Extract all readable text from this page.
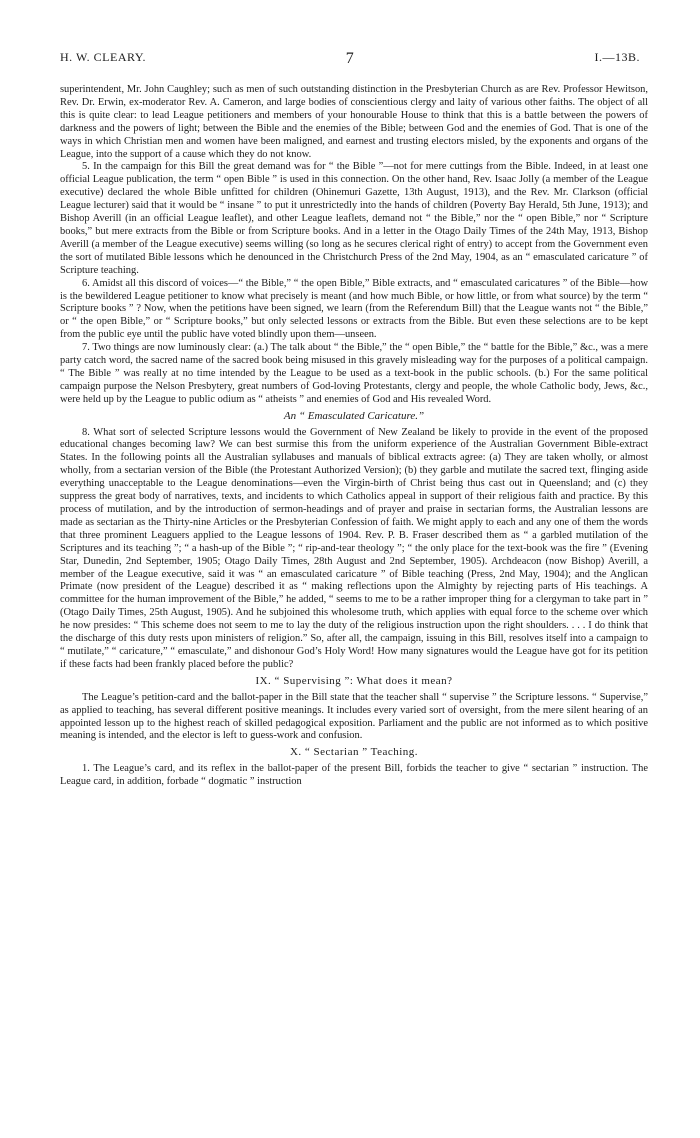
H. W. CLEARY.	7	I.—13B.

superintendent, Mr. John Caughley; such as men of such outstanding distinction in the Presbyterian Church as are Rev. Professor Hewitson, Rev. Dr. Erwin, ex-moderator Rev. A. Cameron, and large bodies of conscientious clergy and laity of various other faiths. The object of all this is quite clear: to lead League petitioners and members of your honourable House to think that this is a battle between the powers of darkness and the powers of light; between the Bible and the enemies of the Bible; between God and the enemies of God. That is one of the ways in which Christian men and women have been maligned, and earnest and trusting electors misled, by the exponents and organs of the League, into the support of a cause which they do not know.

5. In the campaign for this Bill the great demand was for “ the Bible ”—not for mere cuttings from the Bible. Indeed, in at least one official League publication, the term “ open Bible ” is used in this connection. On the other hand, Rev. Isaac Jolly (a member of the League executive) declared the whole Bible unfitted for children (Ohinemuri Gazette, 13th August, 1913), and the Rev. Mr. Clarkson (official League lecturer) said that it would be “ insane ” to put it unrestrictedly into the hands of children (Poverty Bay Herald, 5th June, 1913); and Bishop Averill (in an official League leaflet), and other League leaflets, demand not “ the Bible,” nor the “ open Bible,” nor “ Scripture books,” but mere extracts from the Bible or from Scripture books. And in a letter in the Otago Daily Times of the 24th May, 1913, Bishop Averill (a member of the League executive) seems willing (so long as he secures clerical right of entry) to accept from the Government even the sort of mutilated Bible lessons which he denounced in the Christchurch Press of the 2nd May, 1904, as an “ emasculated caricature ” of Scripture teaching.

6. Amidst all this discord of voices—“ the Bible,” “ the open Bible,” Bible extracts, and “ emasculated caricatures ” of the Bible—how is the bewildered League petitioner to know what precisely is meant (and how much Bible, or how little, or from what source) by the term “ Scripture books ” ? Now, when the petitions have been signed, we learn (from the Referendum Bill) that the League wants not “ the Bible,” or “ the open Bible,” or “ Scripture books,” but only selected lessons or extracts from the Bible. But even these selections are to be kept from the public eye until the public have voted blindly upon them—unseen.

7. Two things are now luminously clear: (a.) The talk about “ the Bible,” the “ open Bible,” the “ battle for the Bible,” &c., was a mere party catch word, the sacred name of the sacred book being misused in this gravely misleading way for the purposes of a political campaign. “ The Bible ” was really at no time intended by the League to be used as a text-book in the public schools. (b.) For the same political campaign purpose the Nelson Presbytery, great numbers of God-loving Protestants, clergy and people, the whole Catholic body, Jews, &c., were held up by the League to public odium as “ atheists ” and enemies of God and His revealed Word.

An “ Emasculated Caricature.”

8. What sort of selected Scripture lessons would the Government of New Zealand be likely to provide in the event of the proposed educational changes becoming law? We can best surmise this from the uniform experience of the Australian Government Bible-extract States. In the following points all the Australian syllabuses and manuals of biblical extracts agree: (a) They are taken wholly, or almost wholly, from a sectarian version of the Bible (the Protestant Authorized Version); (b) they garble and mutilate the sacred text, flinging aside everything unacceptable to the League denominations—even the Virgin-birth of Christ being thus cast out in Queensland; and (c) they suppress the great body of narratives, texts, and incidents to which Catholics appeal in support of their religious faith and practice. By this process of mutilation, and by the introduction of sermon-headings and of prayer and praise in sectarian forms, the Australian lessons are made as sectarian as the Thirty-nine Articles or the Presbyterian Confession of faith. We might apply to each and any one of them the words that three prominent Leaguers applied to the League lessons of 1904. Rev. P. B. Fraser described them as “ a garbled mutilation of the Scriptures and its teaching ”; “ a hash-up of the Bible ”; “ rip-and-tear theology ”; “ the only place for the text-book was the fire ” (Evening Star, Dunedin, 2nd September, 1905; Otago Daily Times, 28th August and 2nd September, 1905). Archdeacon (now Bishop) Averill, a member of the League executive, said it was “ an emasculated caricature ” of Bible teaching (Press, 2nd May, 1904); and the Anglican Primate (now president of the League) described it as “ making reflections upon the Almighty by rejecting parts of His teachings. A committee for the human improvement of the Bible,” he added, “ seems to me to be a rather improper thing for a clergyman to take part in ” (Otago Daily Times, 25th August, 1905). And he subjoined this wholesome truth, which applies with equal force to the scheme over which he now presides: “ This scheme does not seem to me to lay the duty of the religious instruction upon the right shoulders. . . . I do think that the discharge of this duty rests upon ministers of religion.” So, after all, the campaign, issuing in this Bill, resolves itself into a campaign to “ mutilate,” “ caricature,” “ emasculate,” and dishonour God’s Holy Word! How many signatures would the League have got for its petition if these facts had been frankly placed before the public?

IX. “ Supervising ”: What does it mean?

The League’s petition-card and the ballot-paper in the Bill state that the teacher shall “ supervise ” the Scripture lessons. “ Supervise,” as applied to teaching, has several different positive meanings. It includes every varied sort of oversight, from the mere silent hearing of an appointed lesson up to the highest reach of skilled pedagogical exposition. Parliament and the public are not informed as to which positive meaning is intended, and the elector is left to guess-work and confusion.

X. “ Sectarian ” Teaching.

1. The League’s card, and its reflex in the ballot-paper of the present Bill, forbids the teacher to give “ sectarian ” instruction. The League card, in addition, forbade “ dogmatic ” instruction
